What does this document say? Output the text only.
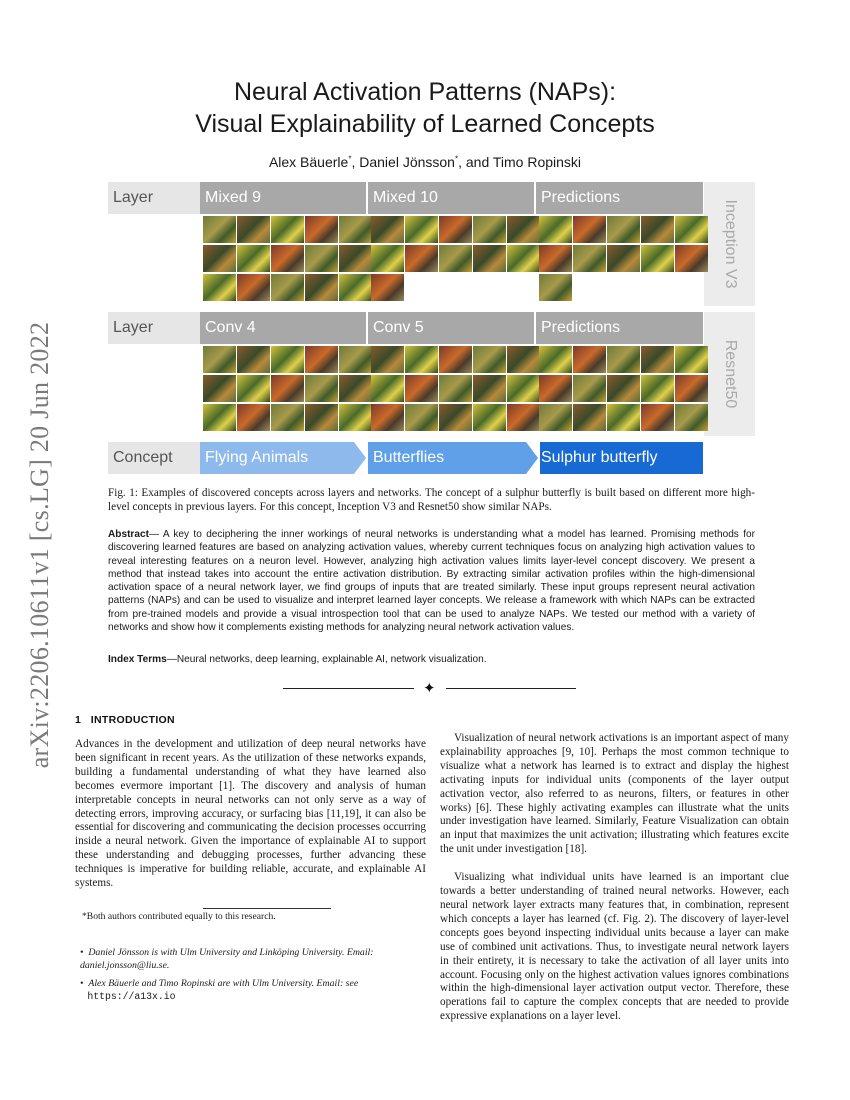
arXiv:2206.10611v1 [cs.LG] 20 Jun 2022
Neural Activation Patterns (NAPs):
Visual Explainability of Learned Concepts
Alex Bäuerle*, Daniel Jönsson*, and Timo Ropinski
Layer	Mixed 9	Mixed 10	Predictions
Inception V3
Layer	Conv 4	Conv 5	Predictions
Resnet50
Concept	Flying Animals	Butterflies	Sulphur butterfly
Fig. 1: Examples of discovered concepts across layers and networks. The concept of a sulphur butterfly is built based on different more high-level concepts in previous layers. For this concept, Inception V3 and Resnet50 show similar NAPs.
Abstract— A key to deciphering the inner workings of neural networks is understanding what a model has learned. Promising methods for discovering learned features are based on analyzing activation values, whereby current techniques focus on analyzing high activation values to reveal interesting features on a neuron level. However, analyzing high activation values limits layer-level concept discovery. We present a method that instead takes into account the entire activation distribution. By extracting similar activation profiles within the high-dimensional activation space of a neural network layer, we find groups of inputs that are treated similarly. These input groups represent neural activation patterns (NAPs) and can be used to visualize and interpret learned layer concepts. We release a framework with which NAPs can be extracted from pre-trained models and provide a visual introspection tool that can be used to analyze NAPs. We tested our method with a variety of networks and show how it complements existing methods for analyzing neural network activation values.
Index Terms—Neural networks, deep learning, explainable AI, network visualization.
✦
1 INTRODUCTION
Advances in the development and utilization of deep neural networks have been significant in recent years. As the utilization of these networks expands, building a fundamental understanding of what they have learned also becomes evermore important [1]. The discovery and analysis of human interpretable concepts in neural networks can not only serve as a way of detecting errors, improving accuracy, or surfacing bias [11,19], it can also be essential for discovering and communicating the decision processes occurring inside a neural network. Given the importance of explainable AI to support these understanding and debugging processes, further advancing these techniques is imperative for building reliable, accurate, and explainable AI systems.
*Both authors contributed equally to this research.
•  Daniel Jönsson is with Ulm University and Linköping University. Email: daniel.jonsson@liu.se.
•  Alex Bäuerle and Timo Ropinski are with Ulm University. Email: see
https://a13x.io

Visualization of neural network activations is an important aspect of many explainability approaches [9, 10]. Perhaps the most common technique to visualize what a network has learned is to extract and display the highest activating inputs for individual units (components of the layer output activation vector, also referred to as neurons, filters, or features in other works) [6]. These highly activating examples can illustrate what the units under investigation have learned. Similarly, Feature Visualization can obtain an input that maximizes the unit activation; illustrating which features excite the unit under investigation [18].

Visualizing what individual units have learned is an important clue towards a better understanding of trained neural networks. However, each neural network layer extracts many features that, in combination, represent which concepts a layer has learned (cf. Fig. 2). The discovery of layer-level concepts goes beyond inspecting individual units because a layer can make use of combined unit activations. Thus, to investigate neural network layers in their entirety, it is necessary to take the activation of all layer units into account. Focusing only on the highest activation values ignores combinations within the high-dimensional layer activation output vector. Therefore, these operations fail to capture the complex concepts that are needed to provide expressive explanations on a layer level.
